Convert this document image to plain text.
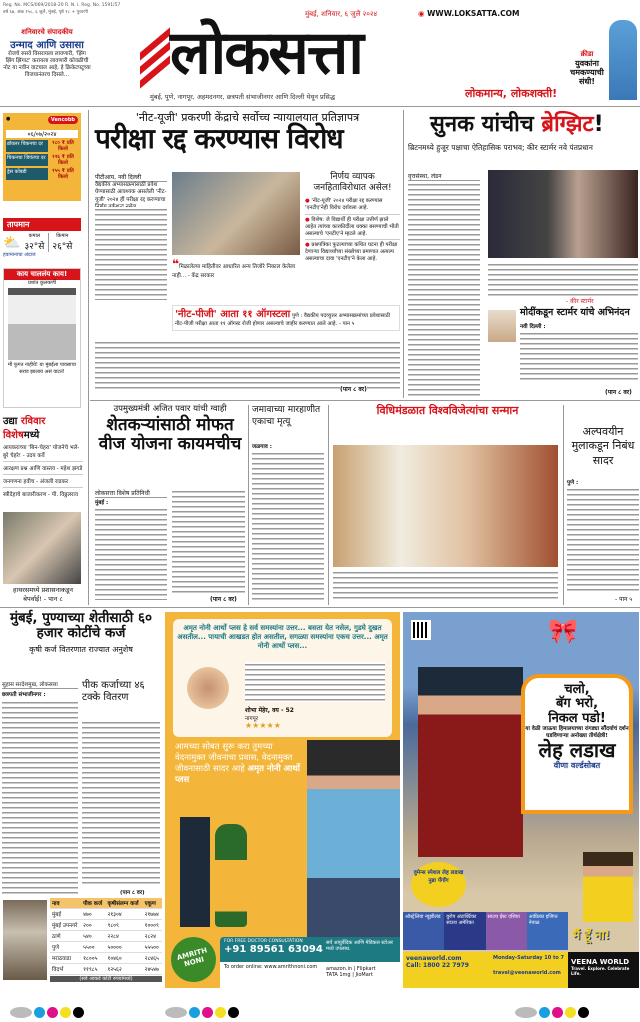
Reg. No. MCS/069/2018-20 R. N. I. Reg. No. 1591/57
वर्ष ६७, अंक १५८, ६ जुलै, मुंबई, पृष्ठे १८ + पुरवणी
शनिवारचे संपादकीय
उन्माद आणि उसासा
रोजचे रुसवे विसरायला लावणारी, 'झिंग झिंग झिंगाट' करायला लावणारी कोवळीची नोट या नवीन वाटचाल आहे, हे क्रिकेटपटूच्या विजयानंतरच दिसले...	लोकसत्ता
मुंबई, शनिवार, ६ जुलै २०२४	◉ WWW.LOKSATTA.COM
मुंबई, पुणे, नागपूर, अहमदनगर, छत्रपती संभाजीनगर आणि दिल्ली येथून प्रसिद्ध	लोकमान्य, लोकशक्ती!
क्रीडा
युवकांना चमकण्याची संधी!
●	Vencobb
०६/०७/२०२४
ब्रॉयलर चिकनचा दर	१८० ₹ प्रति किलो
चिकनचा जिवंतचा दर	१२६ ₹ प्रति किलो
ड्रेस कोंबडी	१५५ ₹ प्रति किलो
तापमान
⛅	कमाल
३२°से
किमान
२६°से
हवामानाचा अंदाज
काय चाललंय काय!
प्रशांत कुलकर्णी
मी फुगत नाहीये! या मुंबईला पावसाचा सराव झालाय असं वाटतं!
उद्या रविवार विशेषमध्ये
आयकराच्या 'बिन-चेहरा' योजनेचे भले-बुरे चेहरे! - उदय कर्वे
आरक्षण प्रश्न आणि वास्तव - महेश झगडे
जनगणना हवीच - अंजली राडकर
स्त्रीदेहाचे बाजारीकरण - पी. विठ्ठलराव
हाथरसमध्ये प्रशासनाकडून बेपर्वाई! - पान ८
'नीट-यूजी' प्रकरणी केंद्राचे सर्वोच्च न्यायालयात प्रतिज्ञापत्र
परीक्षा रद्द करण्यास विरोध
पीटीआय, नवी दिल्ली
वैद्यकीय अभ्यासक्रमांसाठी प्रवेश घेण्यासाठी आवश्यक असलेली 'नीट-यूजी' २०२४ ही परीक्षा रद्द करण्याचा
❝मिळालेल्या माहितीवर आधारित अन्य तिजोरे निकाल केलेला नाही... - केंद्र सरकार
निर्णय व्यापक जनहिताविरोधात असेल!
● 'नीट-यूजी' २०२४ परीक्षा रद्द करण्यास 'एनटीए'नेही विरोध दर्शवला आहे.
● विशेष: जे विद्यार्थी ही परीक्षा उत्तीर्ण झाले आहेत त्यांच्या कारकीर्दीला धक्का बसण्याची भीती असल्याचे 'एनटीए'ने म्हटले आहे.
● प्रश्नपत्रिका फुटल्याच्या कथित घटना ही परीक्षा देणाऱ्या विद्यार्थ्यांच्या संख्येच्या प्रमाणात अत्यल्प असल्याचा दावा 'एनटीए'ने केला आहे.
'नीट-पीजी' आता ११ ऑगस्टला पुणे : वैद्यकीय पदव्युत्तर अभ्यासक्रमांच्या प्रवेशासाठी नीट-पीजी परीक्षा आता ११ ऑगस्ट रोजी होणार असल्याचे जाहीर करण्यात आले आहे. - पान ५
(पान ८ वर)
सुनक यांचीच ब्रेग्झिट!
ब्रिटनमध्ये हुजूर पक्षाचा ऐतिहासिक पराभव; कीर स्टार्मर नवे पंतप्रधान
वृत्तसंस्था, लंडन
- कीर स्टार्मर
मोदींकडून स्टार्मर यांचे अभिनंदन
नवी दिल्ली :
(पान ८ वर)
उपमुख्यमंत्री अजित पवार यांची ग्वाही
शेतकऱ्यांसाठी मोफत वीज योजना कायमचीच
लोकसत्ता विशेष प्रतिनिधी
मुंबई :
(पान ८ वर)
जमावाच्या मारहाणीत एकाचा मृत्यू
जळगाव :
विधिमंडळात विश्वविजेत्यांचा सन्मान
अल्पवयीन मुलाकडून निबंध सादर
पुणे :
- पान ५
मुंबई, पुण्याच्या शेतीसाठी ६० हजार कोटींचे कर्ज
कृषी कर्ज वितरणात राज्यात अनुशेष
सुहास सरदेशमुख, लोकसत्ता
छत्रपती संभाजीनगर :
पीक कर्जाच्या ४६ टक्के वितरण
(पान ८ वर)
नाव	पीक कर्ज	कृषीसंलग्न कर्ज	एकूण
मुंबई	४७०	२१३०४	२१७७४
मुंबई उपनगरे	२००	९८०९	१०००९
ठाणे	५४०	२२८४	२८२४
पुणे	५५००	५००००	५५५००
मराठवाडा	१८००५	१०४६०	२८४६५
विदर्भ	११९८५	१२५६२	२४५४७
(सर्व आकडे कोटी रुपयांमध्ये)
अमृत नोनी आर्थो प्लस हे सर्व समस्यांना उत्तर... बसता येत नसेल, गुडघे दुखत असतील... पायाची आखडत होत असतील, सगळ्या समस्यांना एकच उत्तर... अमृत नोनी आर्थो प्लस...
शोभा मेहेर, वय - 52
नागपूर
★★★★★
आमच्या सोबत सुरू करा तुमच्या वेदनामुक्त जीवनाचा प्रवास, वेदनामुक्त जीवनासाठी सादर आहे अमृत नोनी आर्थो प्लस
AMRITH NONI
FOR FREE DOCTOR CONSULTATION
+91 89561 63094
सर्व आयुर्वेदिक आणि मेडिकल स्टोअर मध्ये उपलब्ध.
To order online: www.amrithnoni.com	amazon.in | Flipkart
TATA 1mg | JioMart
🎀
चलो,
बॅग भरो,
निकल पडो!
या वेळी जाऊया हिमालयाच्या रांगड्या सौंदर्याचं दर्शन घडविणाऱ्या अनोख्या तीर्थक्षेत्री!
लेह लडाख
वीणा वर्ल्डसोबत
वुमेन्स स्पेशल लेह लडाख नुब्रा पँगाँग
ऑस्ट्रेलिया न्यूझीलंड	युरोप अंटार्क्टिका साउथ अमेरिका
साउथ ईस्ट एशिया	आफ्रिका इजिप्त नेपाळ
मैं हूँ ना!
veenaworld.com
Call: 1800 22 7979
Monday-Saturday 10 to 7
travel@veenaworld.com
VEENA WORLD
Travel. Explore. Celebrate Life.
